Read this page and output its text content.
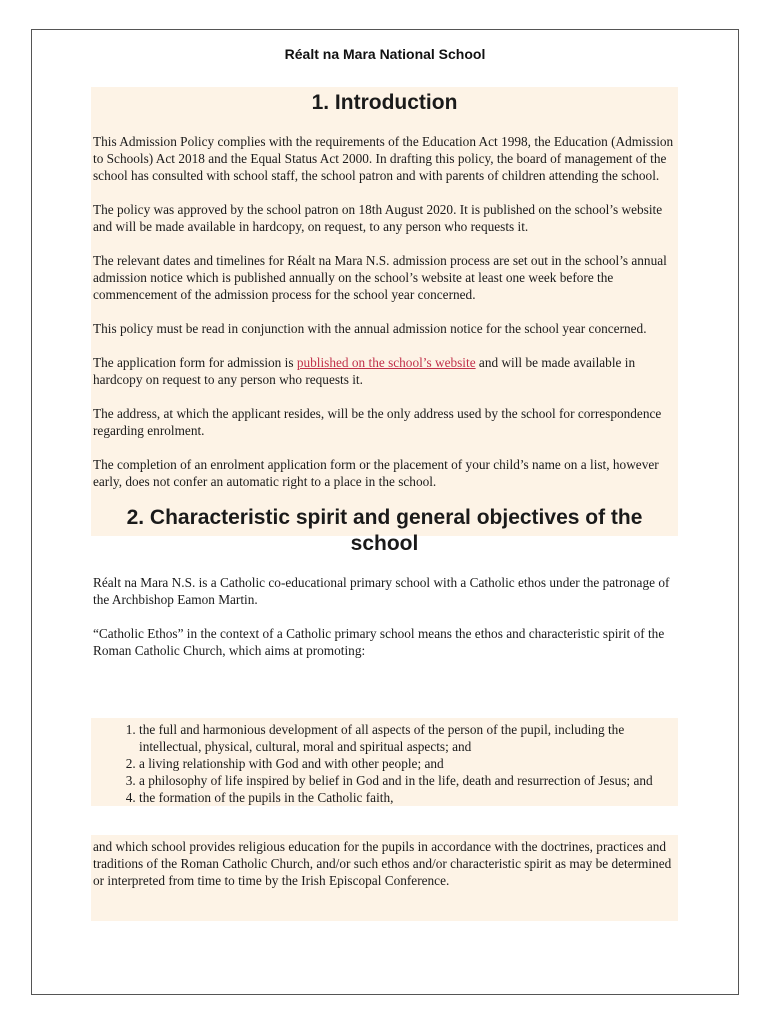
Réalt na Mara National School
1. Introduction

This Admission Policy complies with the requirements of the Education Act 1998, the Education (Admission to Schools) Act 2018 and the Equal Status Act 2000. In drafting this policy, the board of management of the school has consulted with school staff, the school patron and with parents of children attending the school.

The policy was approved by the school patron on 18th August 2020. It is published on the school’s website and will be made available in hardcopy, on request, to any person who requests it.

The relevant dates and timelines for Réalt na Mara N.S. admission process are set out in the school’s annual admission notice which is published annually on the school’s website at least one week before the commencement of the admission process for the school year concerned.

This policy must be read in conjunction with the annual admission notice for the school year concerned.

The application form for admission is published on the school’s website and will be made available in hardcopy on request to any person who requests it.

The address, at which the applicant resides, will be the only address used by the school for correspondence regarding enrolment.

The completion of an enrolment application form or the placement of your child’s name on a list, however early, does not confer an automatic right to a place in the school.

2. Characteristic spirit and general objectives of the school

Réalt na Mara N.S. is a Catholic co-educational primary school with a Catholic ethos under the patronage of the Archbishop Eamon Martin.

“Catholic Ethos” in the context of a Catholic primary school means the ethos and characteristic spirit of the Roman Catholic Church, which aims at promoting:

1. the full and harmonious development of all aspects of the person of the pupil, including the intellectual, physical, cultural, moral and spiritual aspects; and
2. a living relationship with God and with other people; and
3. a philosophy of life inspired by belief in God and in the life, death and resurrection of Jesus; and
4. the formation of the pupils in the Catholic faith,

and which school provides religious education for the pupils in accordance with the doctrines, practices and traditions of the Roman Catholic Church, and/or such ethos and/or characteristic spirit as may be determined or interpreted from time to time by the Irish Episcopal Conference.
